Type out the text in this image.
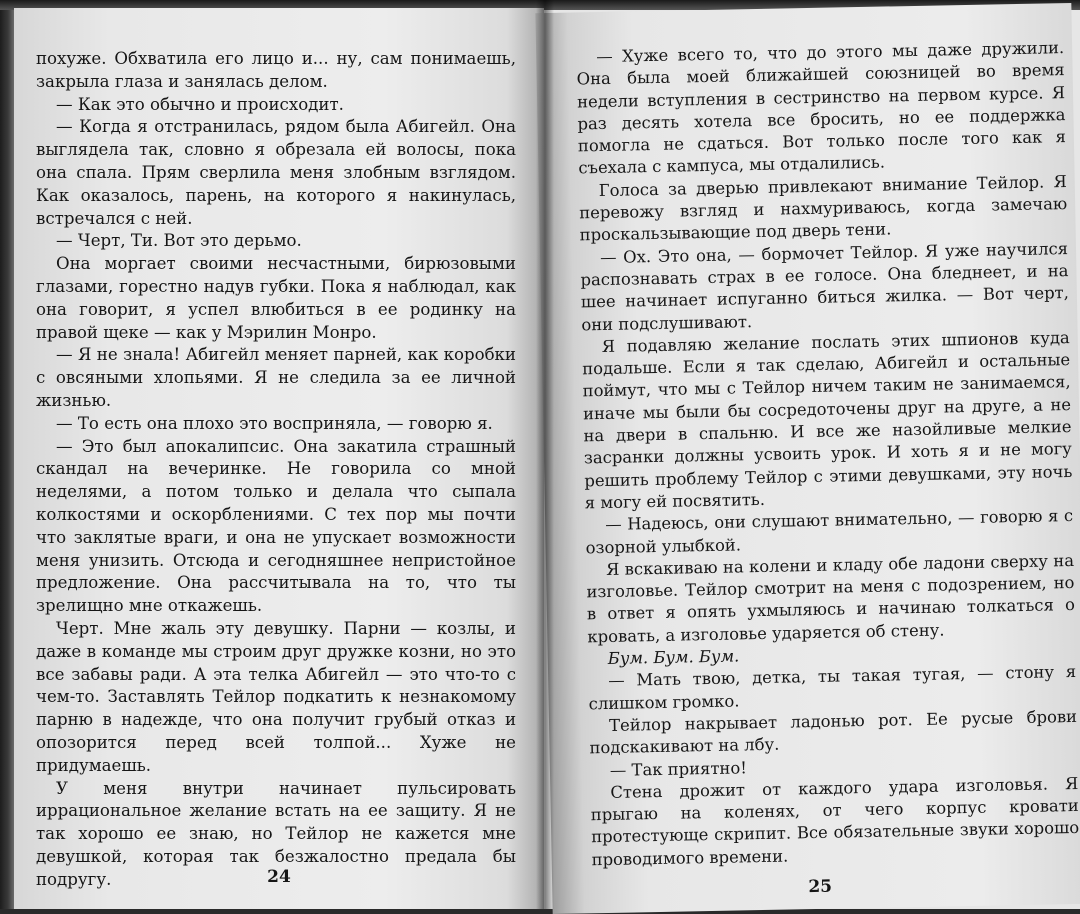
похуже. Обхватила его лицо и... ну, сам понимаешь, закрыла глаза и занялась делом.

— Как это обычно и происходит.

— Когда я отстранилась, рядом была Абигейл. Она выглядела так, словно я обрезала ей волосы, пока она спала. Прям сверлила меня злобным взглядом. Как оказалось, парень, на которого я накинулась, встречался с ней.

— Черт, Ти. Вот это дерьмо.

Она моргает своими несчастными, бирюзовыми глазами, горестно надув губки. Пока я наблюдал, как она говорит, я успел влюбиться в ее родинку на правой щеке — как у Мэрилин Монро.

— Я не знала! Абигейл меняет парней, как коробки с овсяными хлопьями. Я не следила за ее личной жизнью.

— То есть она плохо это восприняла, — говорю я.

— Это был апокалипсис. Она закатила страшный скандал на вечеринке. Не говорила со мной неделями, а потом только и делала что сыпала колкостями и оскорблениями. С тех пор мы почти что заклятые враги, и она не упускает возможности меня унизить. Отсюда и сегодняшнее непристойное предложение. Она рассчитывала на то, что ты зрелищно мне откажешь.

Черт. Мне жаль эту девушку. Парни — козлы, и даже в команде мы строим друг дружке козни, но это все забавы ради. А эта телка Абигейл — это что-то с чем-то. Заставлять Тейлор подкатить к незнакомому парню в надежде, что она получит грубый отказ и опозорится перед всей толпой... Хуже не придумаешь.

У меня внутри начинает пульсировать иррациональное желание встать на ее защиту. Я не так хорошо ее знаю, но Тейлор не кажется мне девушкой, которая так безжалостно предала бы подругу.	24

— Хуже всего то, что до этого мы даже дружили. Она была моей ближайшей союзницей во время недели вступления в сестринство на первом курсе. Я раз десять хотела все бросить, но ее поддержка помогла не сдаться. Вот только после того как я съехала с кампуса, мы отдалились.

Голоса за дверью привлекают внимание Тейлор. Я перевожу взгляд и нахмуриваюсь, когда замечаю проскальзывающие под дверь тени.

— Ох. Это она, — бормочет Тейлор. Я уже научился распознавать страх в ее голосе. Она бледнеет, и на шее начинает испуганно биться жилка. — Вот черт, они подслушивают.

Я подавляю желание послать этих шпионов куда подальше. Если я так сделаю, Абигейл и остальные поймут, что мы с Тейлор ничем таким не занимаемся, иначе мы были бы сосредоточены друг на друге, а не на двери в спальню. И все же назойливые мелкие засранки должны усвоить урок. И хоть я и не могу решить проблему Тейлор с этими девушками, эту ночь я могу ей посвятить.

— Надеюсь, они слушают внимательно, — говорю я с озорной улыбкой.

Я вскакиваю на колени и кладу обе ладони сверху на изголовье. Тейлор смотрит на меня с подозрением, но в ответ я опять ухмыляюсь и начинаю толкаться о кровать, а изголовье ударяется об стену.

Бум. Бум. Бум.

— Мать твою, детка, ты такая тугая, — стону я слишком громко.

Тейлор накрывает ладонью рот. Ее русые брови подскакивают на лбу.

— Так приятно!

Стена дрожит от каждого удара изголовья. Я прыгаю на коленях, от чего корпус кровати протестующе скрипит. Все обязательные звуки хорошо проводимого времени.

25
